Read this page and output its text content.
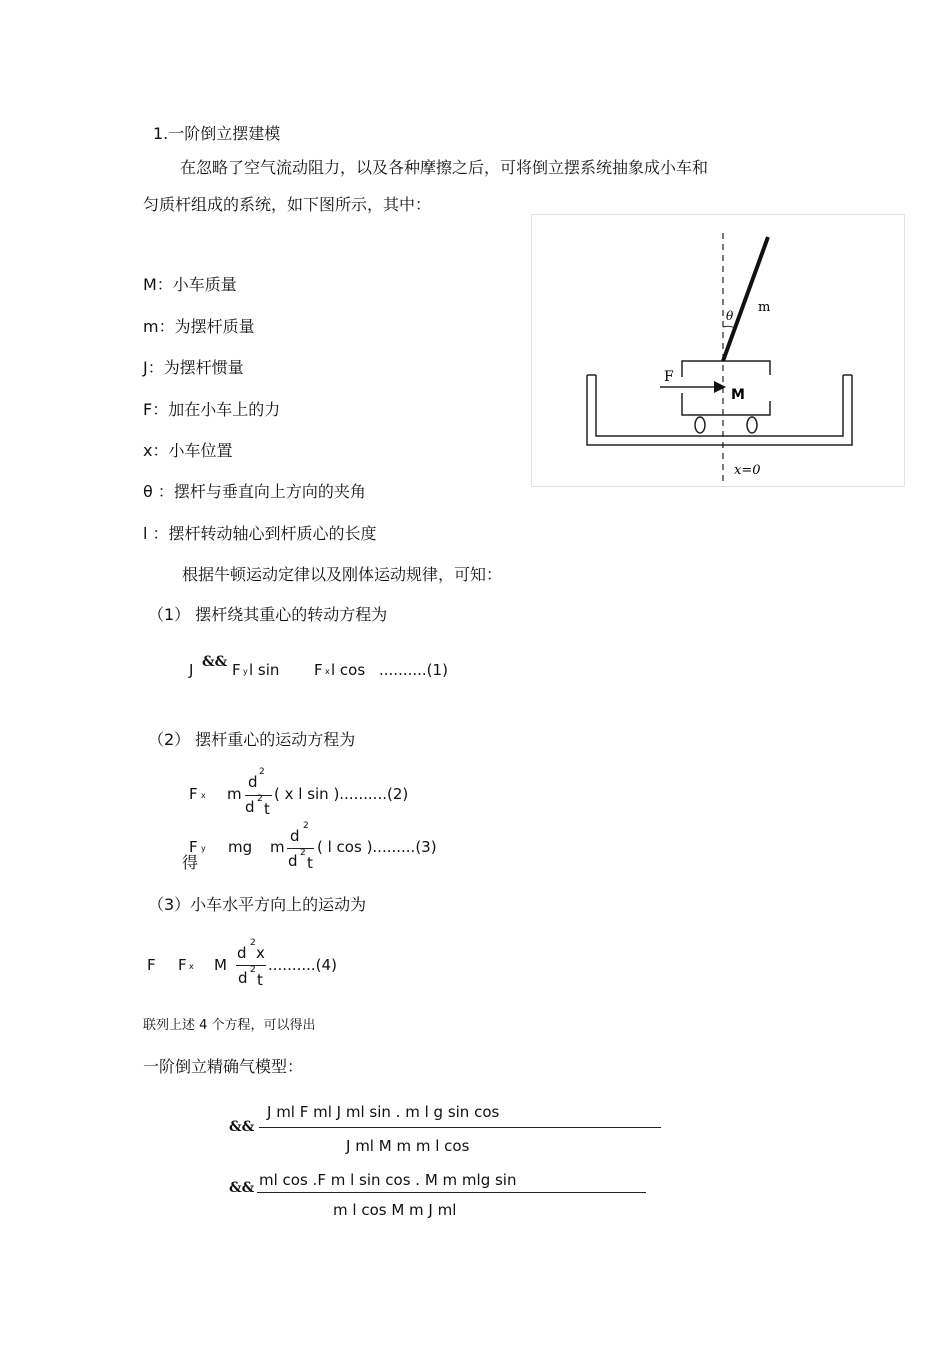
1.一阶倒立摆建模
在忽略了空气流动阻力，以及各种摩擦之后，可将倒立摆系统抽象成小车和
匀质杆组成的系统，如下图所示，其中：
M：小车质量
m：为摆杆质量
J：为摆杆惯量
F：加在小车上的力
x：小车位置
θ ：摆杆与垂直向上方向的夹角
l ：摆杆转动轴心到杆质心的长度
根据牛顿运动定律以及刚体运动规律，可知：
（1） 摆杆绕其重心的转动方程为
J && F y l sin F x l cos ..........(1)
（2） 摆杆重心的运动方程为
F x m
d
2
d 2
t
( x l sin )..........(2)
F y
得
mg m
d
2
d 2
t
( l cos ).........(3)
（3）小车水平方向上的运动为
F F x M
d
2
x
d 2
t
..........(4)
联列上述 4 个方程，可以得出
一阶倒立精确气模型：
&&
J ml F ml J ml sin . m l g sin cos
J ml M m m l cos
&& ml cos .F m l sin cos . M m mlg sin
m l cos M m J ml
m
θ
F
M
x=0
